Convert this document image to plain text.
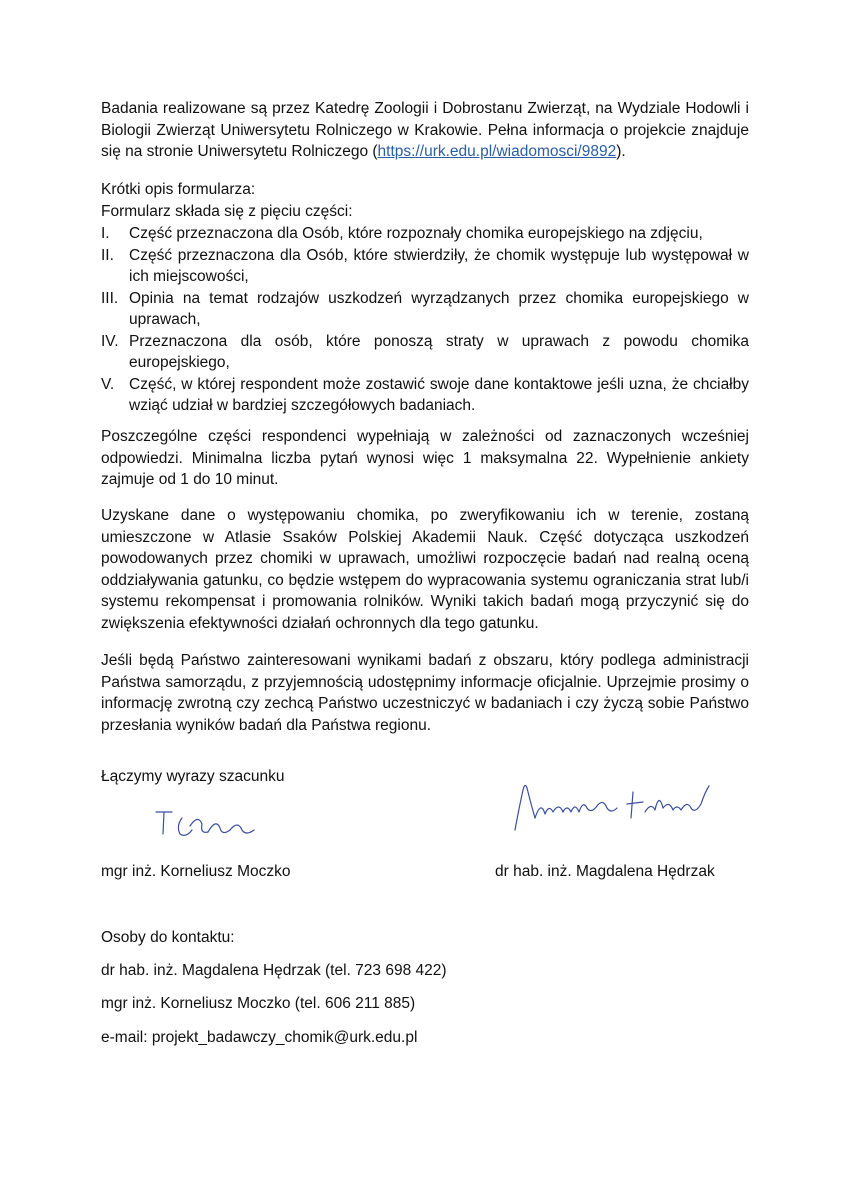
Badania realizowane są przez Katedrę Zoologii i Dobrostanu Zwierząt, na Wydziale Hodowli i Biologii Zwierząt Uniwersytetu Rolniczego w Krakowie. Pełna informacja o projekcie znajduje się na stronie Uniwersytetu Rolniczego (https://urk.edu.pl/wiadomosci/9892).

Krótki opis formularza:
Formularz składa się z pięciu części:
I. Część przeznaczona dla Osób, które rozpoznały chomika europejskiego na zdjęciu,
II. Część przeznaczona dla Osób, które stwierdziły, że chomik występuje lub występował w ich miejscowości,
III. Opinia na temat rodzajów uszkodzeń wyrządzanych przez chomika europejskiego w uprawach,
IV. Przeznaczona dla osób, które ponoszą straty w uprawach z powodu chomika europejskiego,
V. Część, w której respondent może zostawić swoje dane kontaktowe jeśli uzna, że chciałby wziąć udział w bardziej szczegółowych badaniach.

Poszczególne części respondenci wypełniają w zależności od zaznaczonych wcześniej odpowiedzi. Minimalna liczba pytań wynosi więc 1 maksymalna 22. Wypełnienie ankiety zajmuje od 1 do 10 minut.

Uzyskane dane o występowaniu chomika, po zweryfikowaniu ich w terenie, zostaną umieszczone w Atlasie Ssaków Polskiej Akademii Nauk. Część dotycząca uszkodzeń powodowanych przez chomiki w uprawach, umożliwi rozpoczęcie badań nad realną oceną oddziaływania gatunku, co będzie wstępem do wypracowania systemu ograniczania strat lub/i systemu rekompensat i promowania rolników. Wyniki takich badań mogą przyczynić się do zwiększenia efektywności działań ochronnych dla tego gatunku.

Jeśli będą Państwo zainteresowani wynikami badań z obszaru, który podlega administracji Państwa samorządu, z przyjemnością udostępnimy informacje oficjalnie. Uprzejmie prosimy o informację zwrotną czy zechcą Państwo uczestniczyć w badaniach i czy życzą sobie Państwo przesłania wyników badań dla Państwa regionu.

Łączymy wyrazy szacunku
mgr inż. Korneliusz Moczko	dr hab. inż. Magdalena Hędrzak
Osoby do kontaktu:
dr hab. inż. Magdalena Hędrzak (tel. 723 698 422)
mgr inż. Korneliusz Moczko (tel. 606 211 885)
e-mail: projekt_badawczy_chomik@urk.edu.pl
